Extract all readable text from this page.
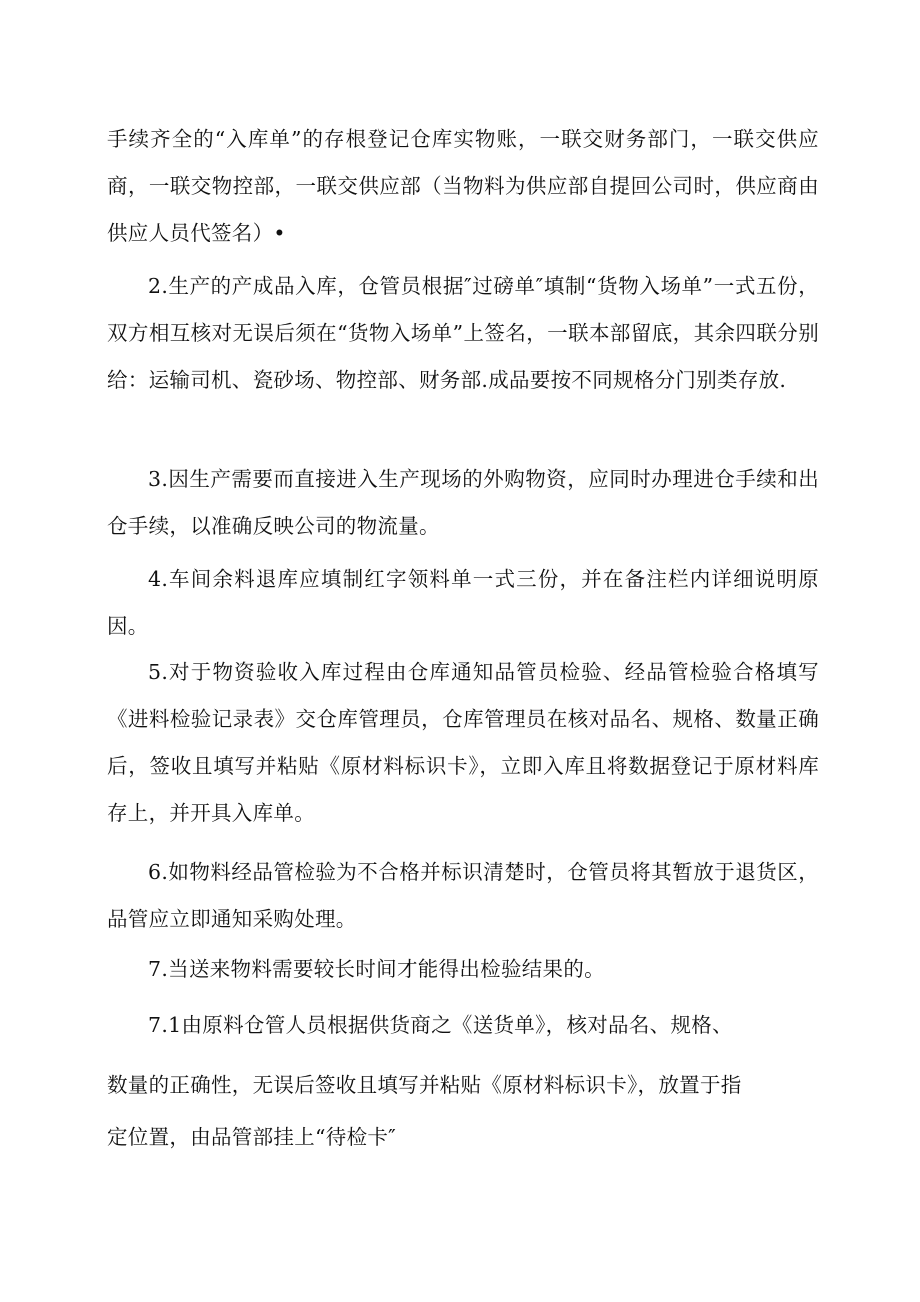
手续齐全的“入库单”的存根登记仓库实物账，一联交财务部门，一联交供应商，一联交物控部，一联交供应部（当物料为供应部自提回公司时，供应商由供应人员代签名）•

2.生产的产成品入库，仓管员根据″过磅单″填制“货物入场单”一式五份，双方相互核对无误后须在“货物入场单”上签名，一联本部留底，其余四联分别给：运输司机、瓷砂场、物控部、财务部.成品要按不同规格分门别类存放.

3.因生产需要而直接进入生产现场的外购物资，应同时办理进仓手续和出仓手续，以准确反映公司的物流量。

4.车间余料退库应填制红字领料单一式三份，并在备注栏内详细说明原因。

5.对于物资验收入库过程由仓库通知品管员检验、经品管检验合格填写《进料检验记录表》交仓库管理员，仓库管理员在核对品名、规格、数量正确后，签收且填写并粘贴《原材料标识卡》，立即入库且将数据登记于原材料库存上，并开具入库单。

6.如物料经品管检验为不合格并标识清楚时，仓管员将其暂放于退货区，品管应立即通知采购处理。

7.当送来物料需要较长时间才能得出检验结果的。

7.1由原料仓管人员根据供货商之《送货单》，核对品名、规格、

数量的正确性，无误后签收且填写并粘贴《原材料标识卡》，放置于指

定位置，由品管部挂上“待检卡″
